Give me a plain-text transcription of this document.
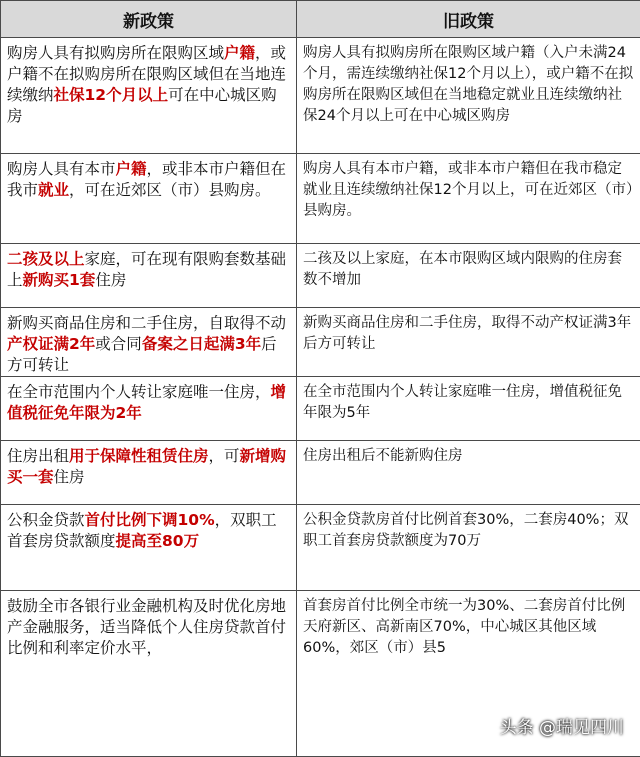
新政策	旧政策
购房人具有拟购房所在限购区域户籍，或户籍不在拟购房所在限购区域但在当地连续缴纳社保12个月以上可在中心城区购房	购房人具有拟购房所在限购区域户籍（入户未满24个月，需连续缴纳社保12个月以上），或户籍不在拟购房所在限购区域但在当地稳定就业且连续缴纳社保24个月以上可在中心城区购房
购房人具有本市户籍，或非本市户籍但在我市就业，可在近郊区（市）县购房。	购房人具有本市户籍，或非本市户籍但在我市稳定就业且连续缴纳社保12个月以上，可在近郊区（市）县购房。
二孩及以上家庭，可在现有限购套数基础上新购买1套住房	二孩及以上家庭，在本市限购区域内限购的住房套数不增加
新购买商品住房和二手住房，自取得不动产权证满2年或合同备案之日起满3年后方可转让	新购买商品住房和二手住房，取得不动产权证满3年后方可转让
在全市范围内个人转让家庭唯一住房，增值税征免年限为2年	在全市范围内个人转让家庭唯一住房，增值税征免年限为5年
住房出租用于保障性租赁住房，可新增购买一套住房	住房出租后不能新购住房
公积金贷款首付比例下调10%，双职工首套房贷款额度提高至80万	公积金贷款房首付比例首套30%，二套房40%；双职工首套房贷款额度为70万
鼓励全市各银行业金融机构及时优化房地产金融服务，适当降低个人住房贷款首付比例和利率定价水平，	首套房首付比例全市统一为30%、二套房首付比例天府新区、高新南区70%，中心城区其他区域60%，郊区（市）县5
头条 @瑞见四川
